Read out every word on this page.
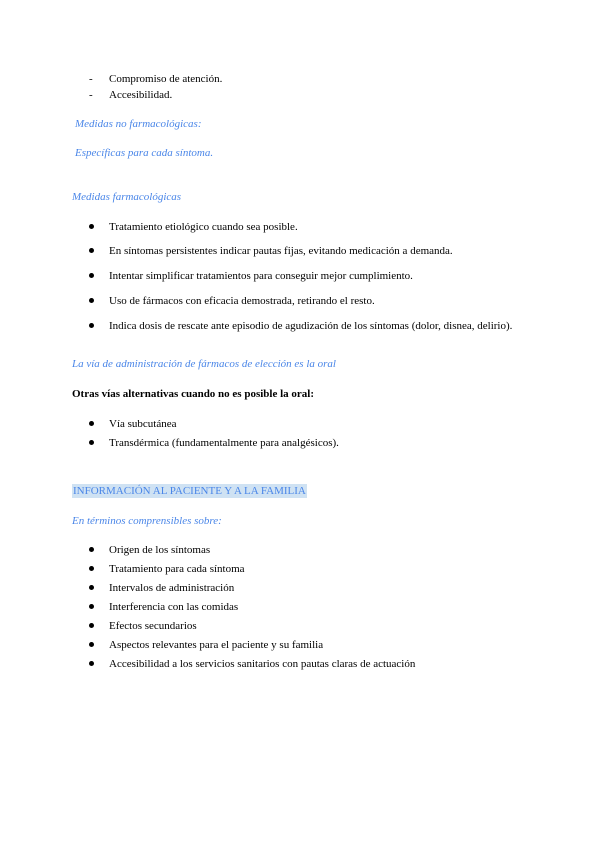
- Compromiso de atención.
- Accesibilidad.
Medidas no farmacológicas:
Específicas para cada síntoma.
Medidas farmacológicas
Tratamiento etiológico cuando sea posible.
En síntomas persistentes indicar pautas fijas, evitando medicación a demanda.
Intentar simplificar tratamientos para conseguir mejor cumplimiento.
Uso de fármacos con eficacia demostrada, retirando el resto.
Indica dosis de rescate ante episodio de agudización de los síntomas (dolor, disnea, delirio).
La vía de administración de fármacos de elección es la oral
Otras vías alternativas cuando no es posible la oral:
Vía subcutánea
Transdérmica (fundamentalmente para analgésicos).
INFORMACIÓN AL PACIENTE Y A LA FAMILIA
En términos comprensibles sobre:
Origen de los síntomas
Tratamiento para cada síntoma
Intervalos de administración
Interferencia con las comidas
Efectos secundarios
Aspectos relevantes para el paciente y su familia
Accesibilidad a los servicios sanitarios con pautas claras de actuación
